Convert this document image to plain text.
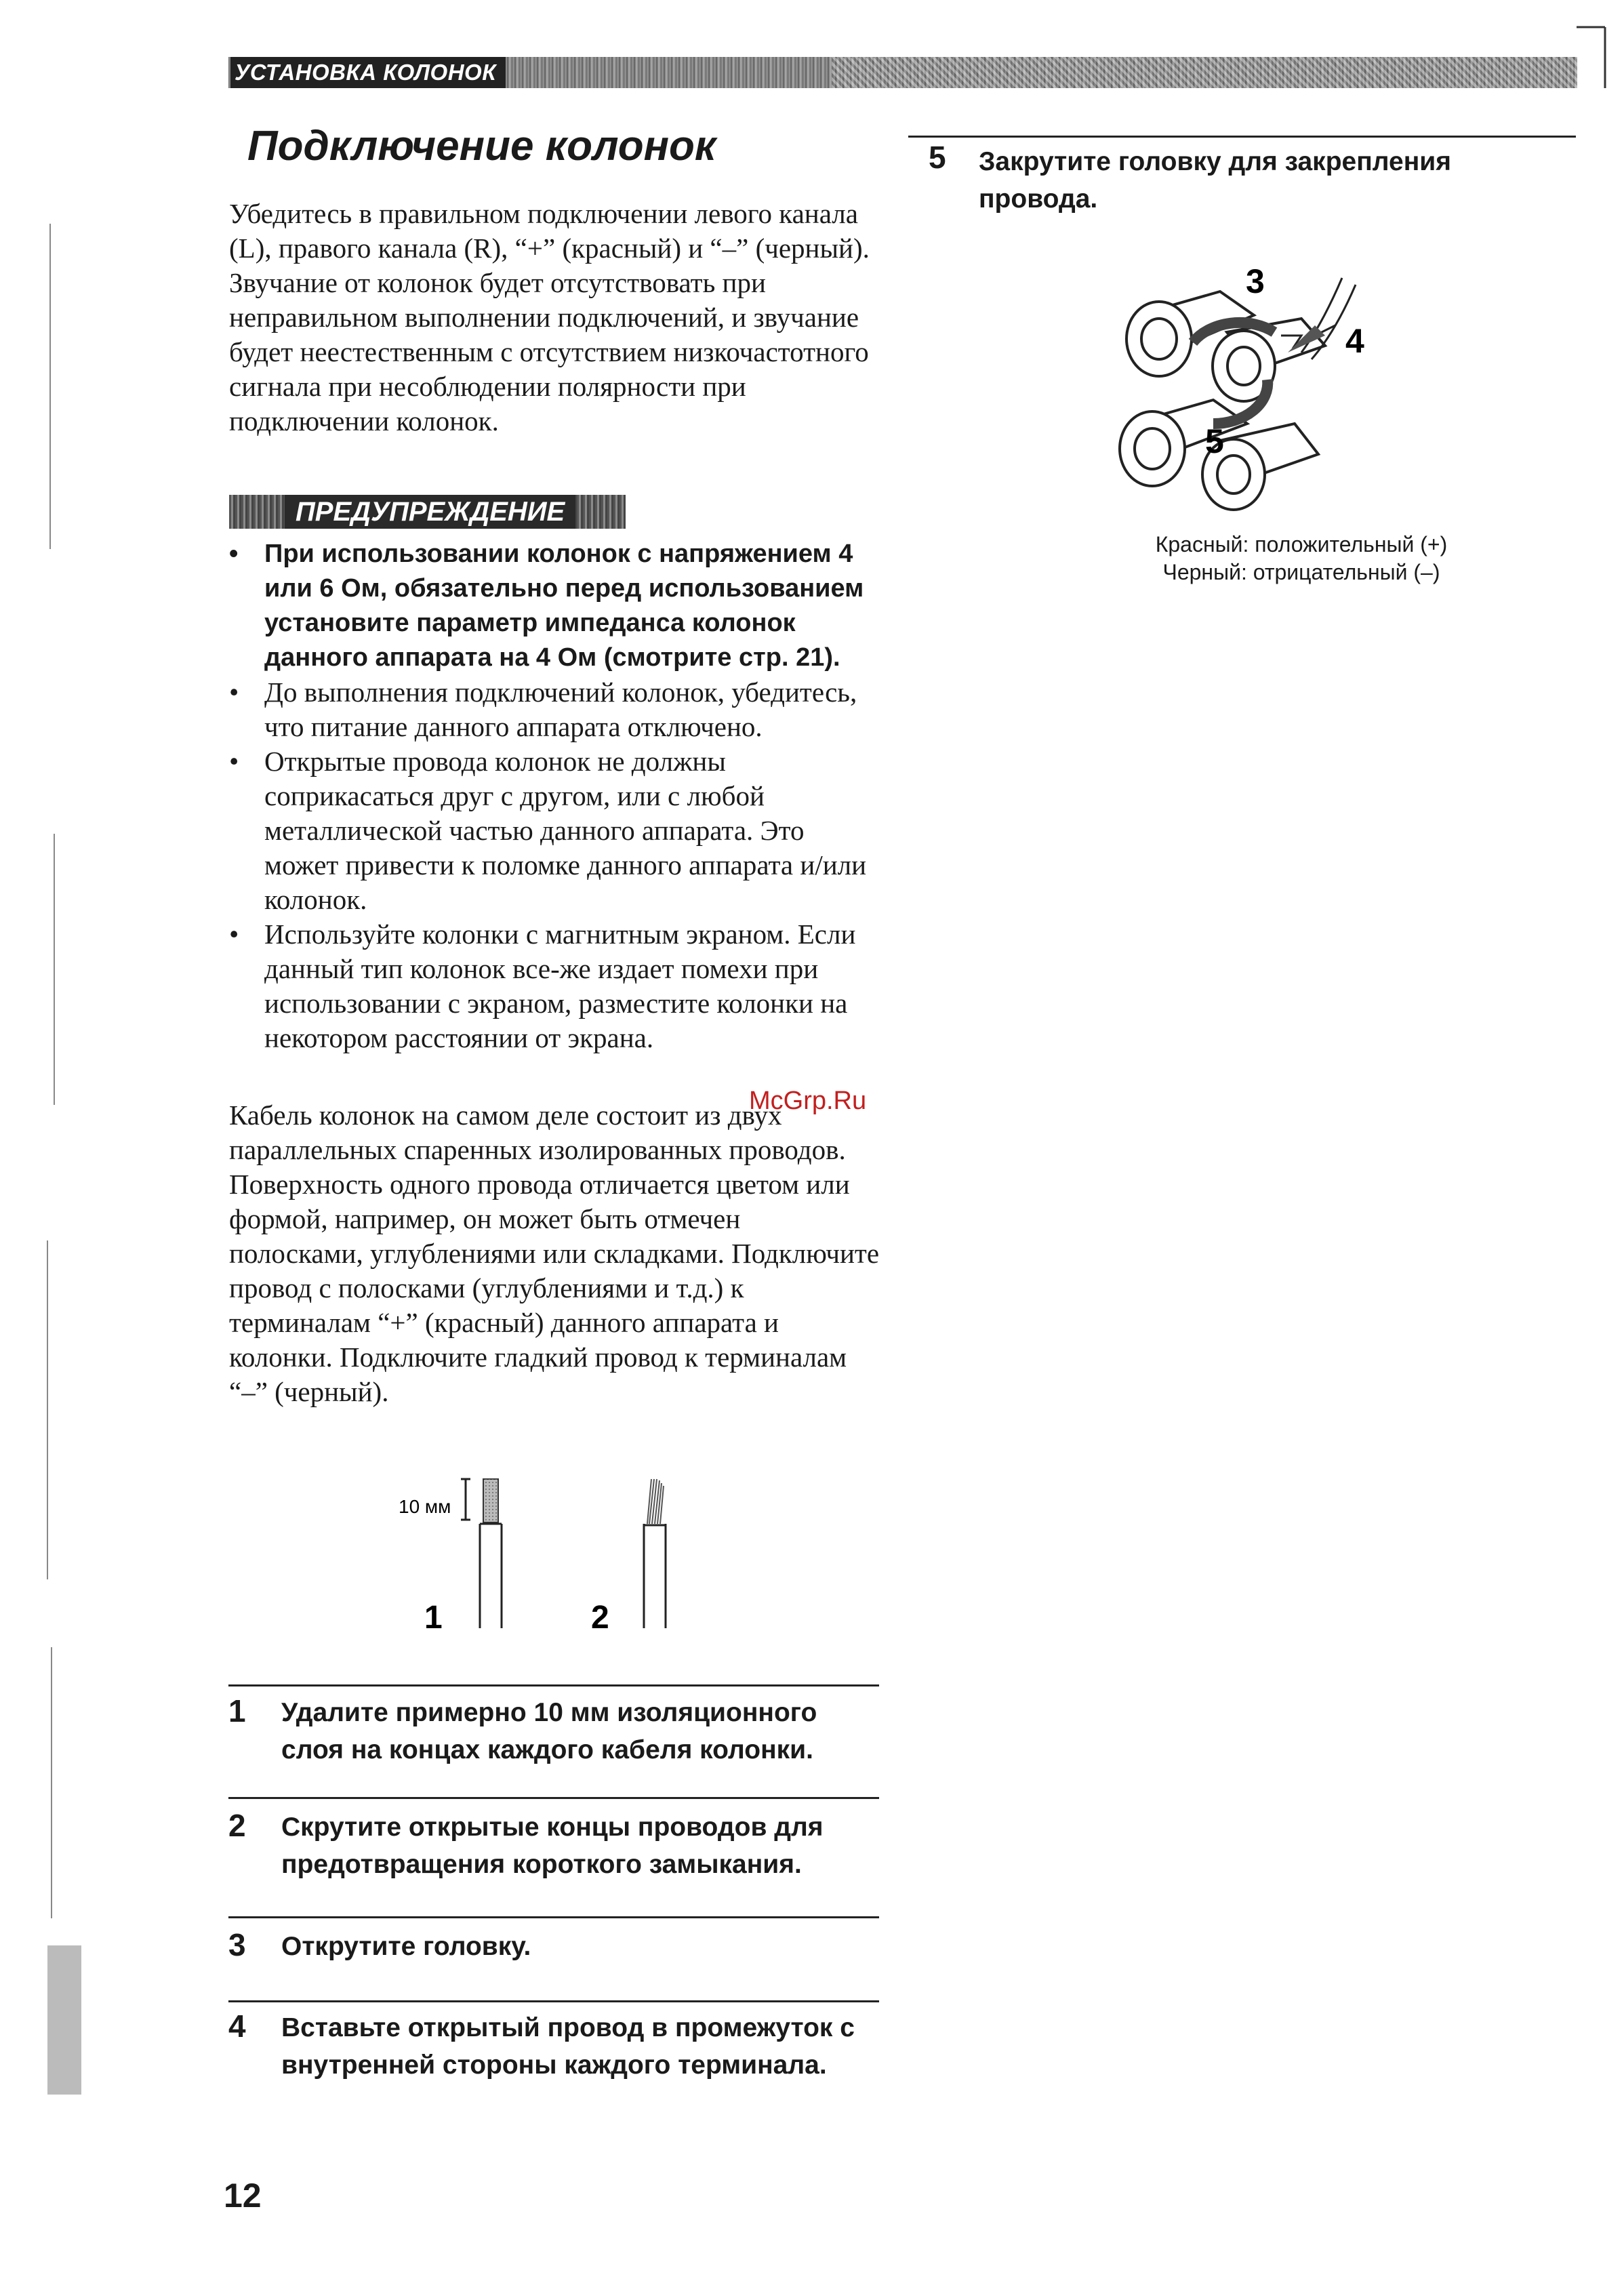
УСТАНОВКА КОЛОНОК
Подключение колонок
Убедитесь в правильном подключении левого канала (L), правого канала (R), “+” (красный) и “–” (черный). Звучание от колонок будет отсутствовать при неправильном выполнении подключений, и звучание будет неестественным с отсутствием низкочастотного сигнала при несоблюдении полярности при подключении колонок.
ПРЕДУПРЕЖДЕНИЕ
• При использовании колонок с напряжением 4 или 6 Ом, обязательно перед использованием установите параметр импеданса колонок данного аппарата на 4 Ом (смотрите стр. 21).
• До выполнения подключений колонок, убедитесь, что питание данного аппарата отключено.
• Открытые провода колонок не должны соприкасаться друг с другом, или с любой металлической частью данного аппарата. Это может привести к поломке данного аппарата и/или колонок.
• Используйте колонки с магнитным экраном. Если данный тип колонок все-же издает помехи при использовании с экраном, разместите колонки на некотором расстоянии от экрана.
Кабель колонок на самом деле состоит из двух параллельных спаренных изолированных проводов. Поверхность одного провода отличается цветом или формой, например, он может быть отмечен полосками, углублениями или складками. Подключите провод с полосками (углублениями и т.д.) к терминалам “+” (красный) данного аппарата и колонки. Подключите гладкий провод к терминалам “–” (черный).
McGrp.Ru
10 мм
1	2
1 Удалите примерно 10 мм изоляционного слоя на концах каждого кабеля колонки.
2 Скрутите открытые концы проводов для предотвращения короткого замыкания.
3 Открутите головку.
4 Вставьте открытый провод в промежуток с внутренней стороны каждого терминала.
5 Закрутите головку для закрепления провода.
3
4
5
Красный: положительный (+)
Черный: отрицательный (–)
12
